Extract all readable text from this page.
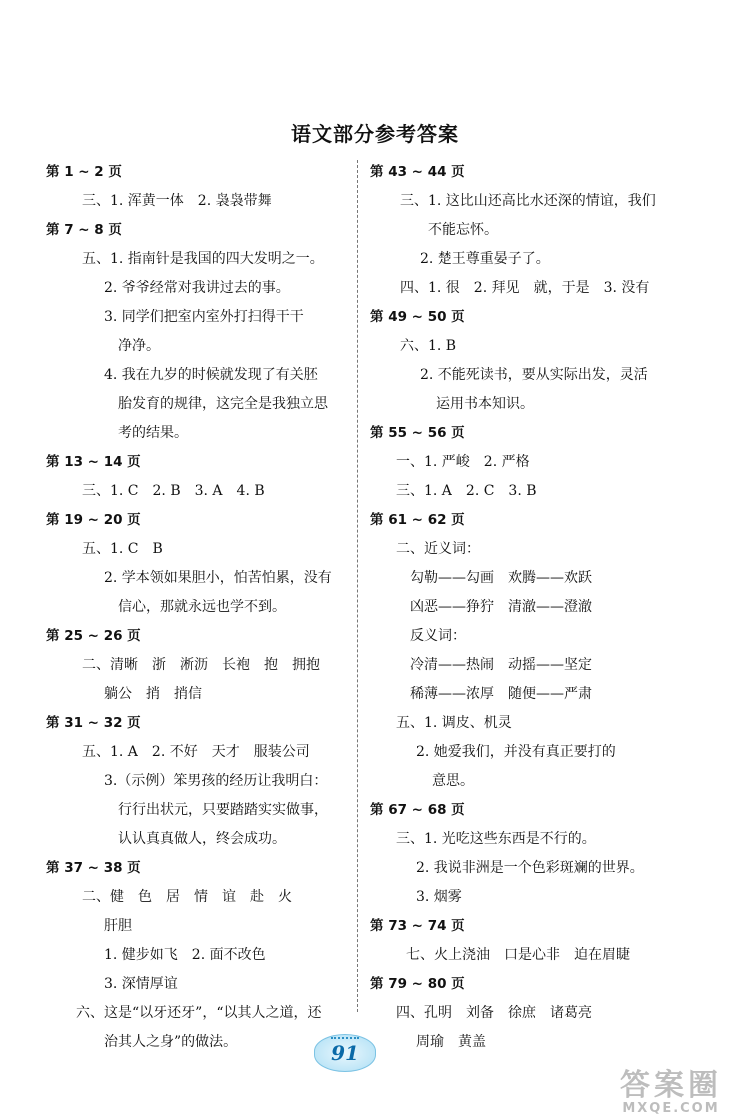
语文部分参考答案
第 1 ~ 2 页
三、1. 浑黄一体　2. 袅袅带舞
第 7 ~ 8 页
五、1. 指南针是我国的四大发明之一。
2. 爷爷经常对我讲过去的事。
3. 同学们把室内室外打扫得干干
净净。
4. 我在九岁的时候就发现了有关胚
胎发育的规律，这完全是我独立思
考的结果。
第 13 ~ 14 页
三、1. C　2. B　3. A　4. B
第 19 ~ 20 页
五、1. C　B
2. 学本领如果胆小，怕苦怕累，没有
信心，那就永远也学不到。
第 25 ~ 26 页
二、清晰　浙　淅沥　长袍　抱　拥抱
躺公　捎　捎信
第 31 ~ 32 页
五、1. A　2. 不好　天才　服装公司
3.（示例）笨男孩的经历让我明白：
行行出状元，只要踏踏实实做事，
认认真真做人，终会成功。
第 37 ~ 38 页
二、健　色　居　情　谊　赴　火
肝胆
1. 健步如飞　2. 面不改色
3. 深情厚谊
六、这是“以牙还牙”，“以其人之道，还
治其人之身”的做法。
第 43 ~ 44 页
三、1. 这比山还高比水还深的情谊，我们
不能忘怀。
2. 楚王尊重晏子了。
四、1. 很　2. 拜见　就，于是　3. 没有
第 49 ~ 50 页
六、1. B
2. 不能死读书，要从实际出发，灵活
运用书本知识。
第 55 ~ 56 页
一、1. 严峻　2. 严格
三、1. A　2. C　3. B
第 61 ~ 62 页
二、近义词：
勾勒——勾画　欢腾——欢跃
凶恶——狰狞　清澈——澄澈
反义词：
冷清——热闹　动摇——坚定
稀薄——浓厚　随便——严肃
五、1. 调皮、机灵
2. 她爱我们，并没有真正要打的
意思。
第 67 ~ 68 页
三、1. 光吃这些东西是不行的。
2. 我说非洲是一个色彩斑斓的世界。
3. 烟雾
第 73 ~ 74 页
七、火上浇油　口是心非　迫在眉睫
第 79 ~ 80 页
四、孔明　刘备　徐庶　诸葛亮
周瑜　黄盖
91
答案圈
MXQE.COM
